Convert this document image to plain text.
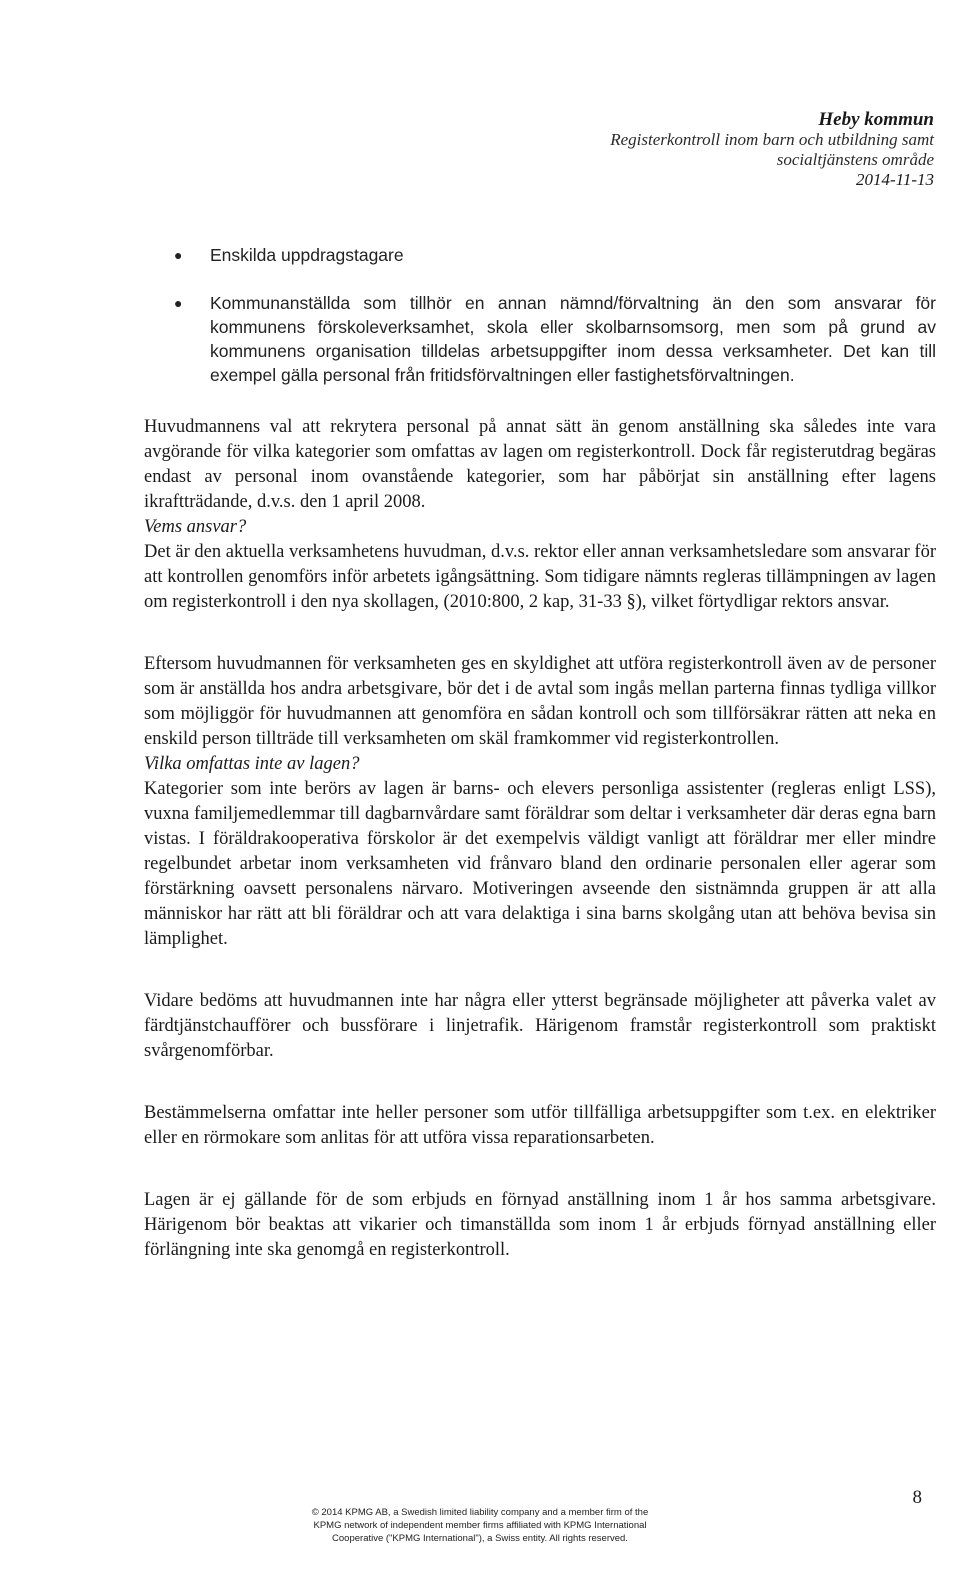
Heby kommun
Registerkontroll inom barn och utbildning samt
socialtjänstens område
2014-11-13
● Enskilda uppdragstagare
● Kommunanställda som tillhör en annan nämnd/förvaltning än den som ansvarar för kommunens förskoleverksamhet, skola eller skolbarnsomsorg, men som på grund av kommunens organisation tilldelas arbetsuppgifter inom dessa verksamheter. Det kan till exempel gälla personal från fritidsförvaltningen eller fastighetsförvaltningen.

Huvudmannens val att rekrytera personal på annat sätt än genom anställning ska således inte vara avgörande för vilka kategorier som omfattas av lagen om registerkontroll. Dock får registerutdrag begäras endast av personal inom ovanstående kategorier, som har påbörjat sin anställning efter lagens ikraftträdande, d.v.s. den 1 april 2008.

Vems ansvar?

Det är den aktuella verksamhetens huvudman, d.v.s. rektor eller annan verksamhetsledare som ansvarar för att kontrollen genomförs inför arbetets igångsättning. Som tidigare nämnts regleras tillämpningen av lagen om registerkontroll i den nya skollagen, (2010:800, 2 kap, 31-33 §), vilket förtydligar rektors ansvar.

Eftersom huvudmannen för verksamheten ges en skyldighet att utföra registerkontroll även av de personer som är anställda hos andra arbetsgivare, bör det i de avtal som ingås mellan parterna finnas tydliga villkor som möjliggör för huvudmannen att genomföra en sådan kontroll och som tillförsäkrar rätten att neka en enskild person tillträde till verksamheten om skäl framkommer vid registerkontrollen.

Vilka omfattas inte av lagen?

Kategorier som inte berörs av lagen är barns- och elevers personliga assistenter (regleras enligt LSS), vuxna familjemedlemmar till dagbarnvårdare samt föräldrar som deltar i verksamheter där deras egna barn vistas. I föräldrakooperativa förskolor är det exempelvis väldigt vanligt att föräldrar mer eller mindre regelbundet arbetar inom verksamheten vid frånvaro bland den ordinarie personalen eller agerar som förstärkning oavsett personalens närvaro. Motiveringen avseende den sistnämnda gruppen är att alla människor har rätt att bli föräldrar och att vara delaktiga i sina barns skolgång utan att behöva bevisa sin lämplighet.

Vidare bedöms att huvudmannen inte har några eller ytterst begränsade möjligheter att påverka valet av färdtjänstchaufförer och bussförare i linjetrafik. Härigenom framstår registerkontroll som praktiskt svårgenomförbar.

Bestämmelserna omfattar inte heller personer som utför tillfälliga arbetsuppgifter som t.ex. en elektriker eller en rörmokare som anlitas för att utföra vissa reparationsarbeten.

Lagen är ej gällande för de som erbjuds en förnyad anställning inom 1 år hos samma arbetsgivare. Härigenom bör beaktas att vikarier och timanställda som inom 1 år erbjuds förnyad anställning eller förlängning inte ska genomgå en registerkontroll.

8
© 2014 KPMG AB, a Swedish limited liability company and a member firm of the
KPMG network of independent member firms affiliated with KPMG International
Cooperative ("KPMG International"), a Swiss entity. All rights reserved.
